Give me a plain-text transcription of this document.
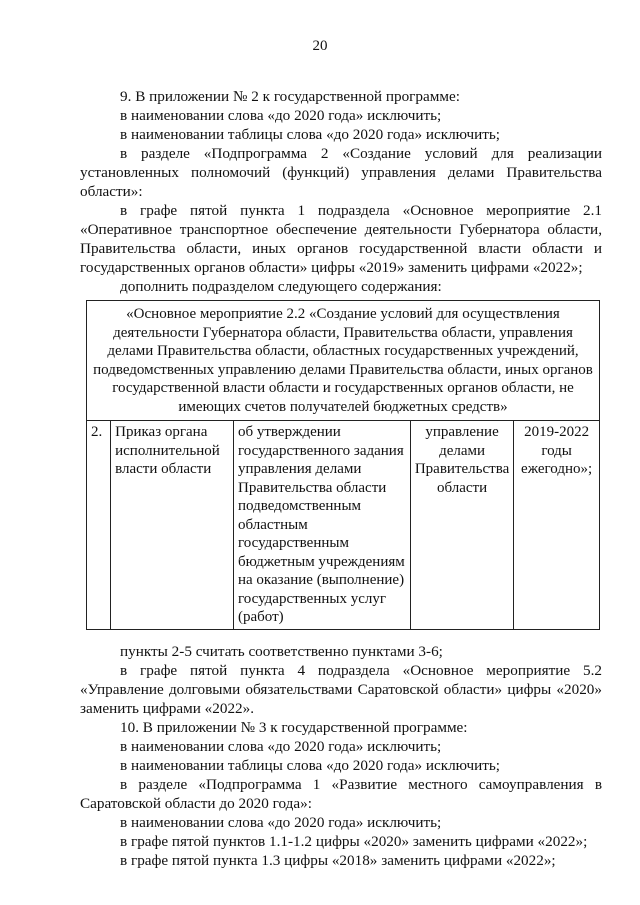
20

9. В приложении № 2 к государственной программе:

в наименовании слова «до 2020 года» исключить;

в наименовании таблицы слова «до 2020 года» исключить;

в разделе «Подпрограмма 2 «Создание условий для реализации установленных полномочий (функций) управления делами Правительства области»:

в графе пятой пункта 1 подраздела «Основное мероприятие 2.1 «Оперативное транспортное обеспечение деятельности Губернатора области, Правительства области, иных органов государственной власти области и государственных органов области» цифры «2019» заменить цифрами «2022»;

дополнить подразделом следующего содержания:

«Основное мероприятие 2.2 «Создание условий для осуществления деятельности Губернатора области, Правительства области, управления делами Правительства области, областных государственных учреждений, подведомственных управлению делами Правительства области, иных органов государственной власти области и государственных органов области, не имеющих счетов получателей бюджетных средств»
2.	Приказ органа исполнительной власти области	об утверждении государственного задания управления делами Правительства области подведомственным областным государственным бюджетным учреждениям на оказание (выполнение) государственных услуг (работ)	управление делами Правительства области	2019-2022 годы ежегодно»;

пункты 2-5 считать соответственно пунктами 3-6;

в графе пятой пункта 4 подраздела «Основное мероприятие 5.2 «Управление долговыми обязательствами Саратовской области» цифры «2020» заменить цифрами «2022».

10. В приложении № 3 к государственной программе:

в наименовании слова «до 2020 года» исключить;

в наименовании таблицы слова «до 2020 года» исключить;

в разделе «Подпрограмма 1 «Развитие местного самоуправления в Саратовской области до 2020 года»:

в наименовании слова «до 2020 года» исключить;

в графе пятой пунктов 1.1-1.2 цифры «2020» заменить цифрами «2022»;

в графе пятой пункта 1.3 цифры «2018» заменить цифрами «2022»;
